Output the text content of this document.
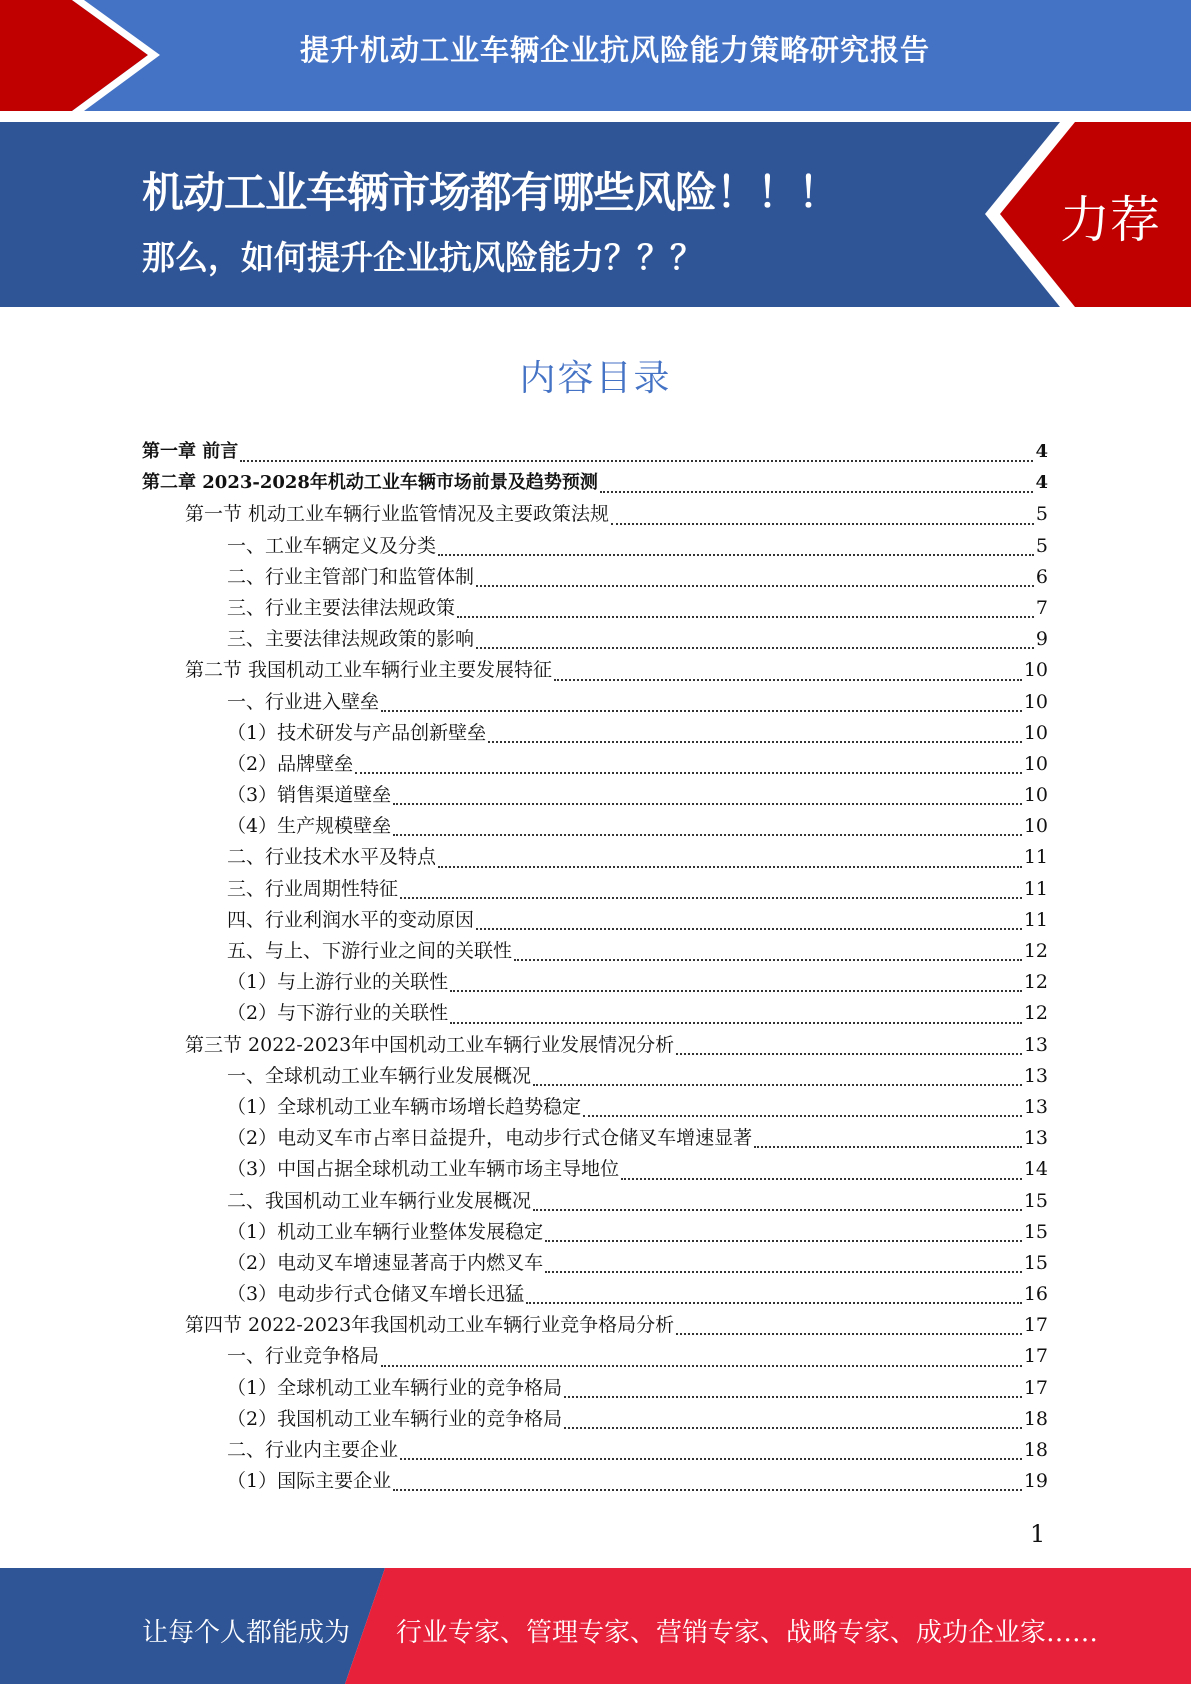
提升机动工业车辆企业抗风险能力策略研究报告
机动工业车辆市场都有哪些风险！！！
那么，如何提升企业抗风险能力？？？
力荐
内容目录
第一章 前言	4
第二章 2023-2028年机动工业车辆市场前景及趋势预测	4
第一节 机动工业车辆行业监管情况及主要政策法规	5
一、工业车辆定义及分类	5
二、行业主管部门和监管体制	6
三、行业主要法律法规政策	7
三、主要法律法规政策的影响	9
第二节 我国机动工业车辆行业主要发展特征	10
一、行业进入壁垒	10
（1）技术研发与产品创新壁垒	10
（2）品牌壁垒	10
（3）销售渠道壁垒	10
（4）生产规模壁垒	10
二、行业技术水平及特点	11
三、行业周期性特征	11
四、行业利润水平的变动原因	11
五、与上、下游行业之间的关联性	12
（1）与上游行业的关联性	12
（2）与下游行业的关联性	12
第三节 2022-2023年中国机动工业车辆行业发展情况分析	13
一、全球机动工业车辆行业发展概况	13
（1）全球机动工业车辆市场增长趋势稳定	13
（2）电动叉车市占率日益提升，电动步行式仓储叉车增速显著	13
（3）中国占据全球机动工业车辆市场主导地位	14
二、我国机动工业车辆行业发展概况	15
（1）机动工业车辆行业整体发展稳定	15
（2）电动叉车增速显著高于内燃叉车	15
（3）电动步行式仓储叉车增长迅猛	16
第四节 2022-2023年我国机动工业车辆行业竞争格局分析	17
一、行业竞争格局	17
（1）全球机动工业车辆行业的竞争格局	17
（2）我国机动工业车辆行业的竞争格局	18
二、行业内主要企业	18
（1）国际主要企业	19
1
让每个人都能成为 行业专家、管理专家、营销专家、战略专家、成功企业家……
